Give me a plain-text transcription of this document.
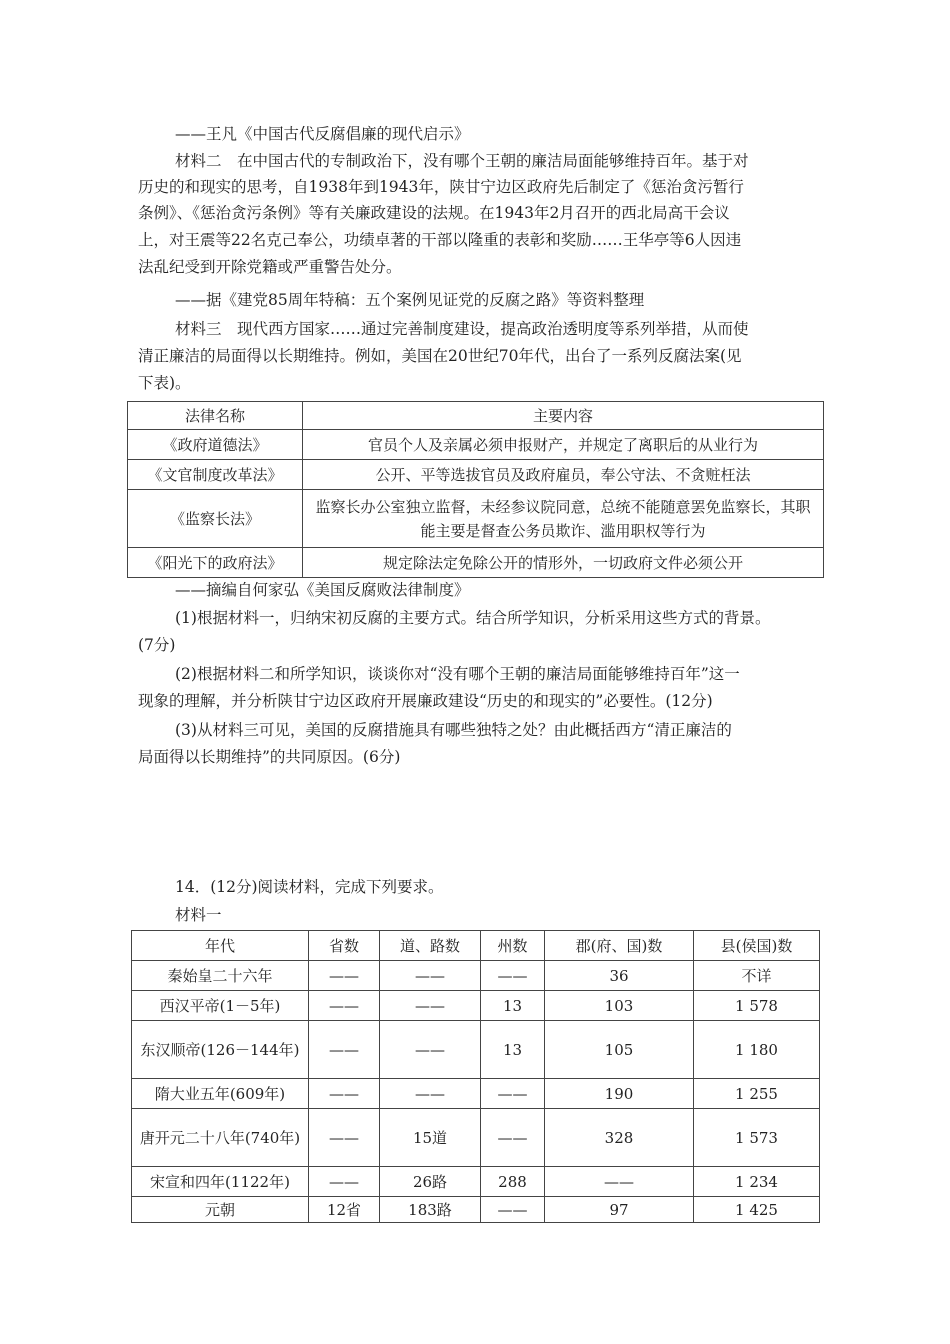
——王凡《中国古代反腐倡廉的现代启示》
材料二　在中国古代的专制政治下，没有哪个王朝的廉洁局面能够维持百年。基于对
历史的和现实的思考，自1938年到1943年，陕甘宁边区政府先后制定了《惩治贪污暂行
条例》、《惩治贪污条例》等有关廉政建设的法规。在1943年2月召开的西北局高干会议
上，对王震等22名克己奉公，功绩卓著的干部以隆重的表彰和奖励……王华亭等6人因违
法乱纪受到开除党籍或严重警告处分。
——据《建党85周年特稿：五个案例见证党的反腐之路》等资料整理
材料三　现代西方国家……通过完善制度建设，提高政治透明度等系列举措，从而使
清正廉洁的局面得以长期维持。例如，美国在20世纪70年代，出台了一系列反腐法案(见
下表)。
法律名称	主要内容
《政府道德法》	官员个人及亲属必须申报财产，并规定了离职后的从业行为
《文官制度改革法》	公开、平等选拔官员及政府雇员，奉公守法、不贪赃枉法
《监察长法》	监察长办公室独立监督，未经参议院同意，总统不能随意罢免监察长，其职能主要是督查公务员欺诈、滥用职权等行为
《阳光下的政府法》	规定除法定免除公开的情形外，一切政府文件必须公开
——摘编自何家弘《美国反腐败法律制度》
(1)根据材料一，归纳宋初反腐的主要方式。结合所学知识，分析采用这些方式的背景。
(7分)
(2)根据材料二和所学知识，谈谈你对“没有哪个王朝的廉洁局面能够维持百年”这一
现象的理解，并分析陕甘宁边区政府开展廉政建设“历史的和现实的”必要性。(12分)
(3)从材料三可见，美国的反腐措施具有哪些独特之处？由此概括西方“清正廉洁的
局面得以长期维持”的共同原因。(6分)
14．(12分)阅读材料，完成下列要求。
材料一
年代	省数	道、路数	州数	郡(府、国)数	县(侯国)数
秦始皇二十六年	——	——	——	36	不详
西汉平帝(1－5年)	——	——	13	103	1 578
东汉顺帝(126－144年)	——	——	13	105	1 180
隋大业五年(609年)	——	——	——	190	1 255
唐开元二十八年(740年)	——	15道	——	328	1 573
宋宣和四年(1122年)	——	26路	288	——	1 234
元朝	12省	183路	——	97	1 425
